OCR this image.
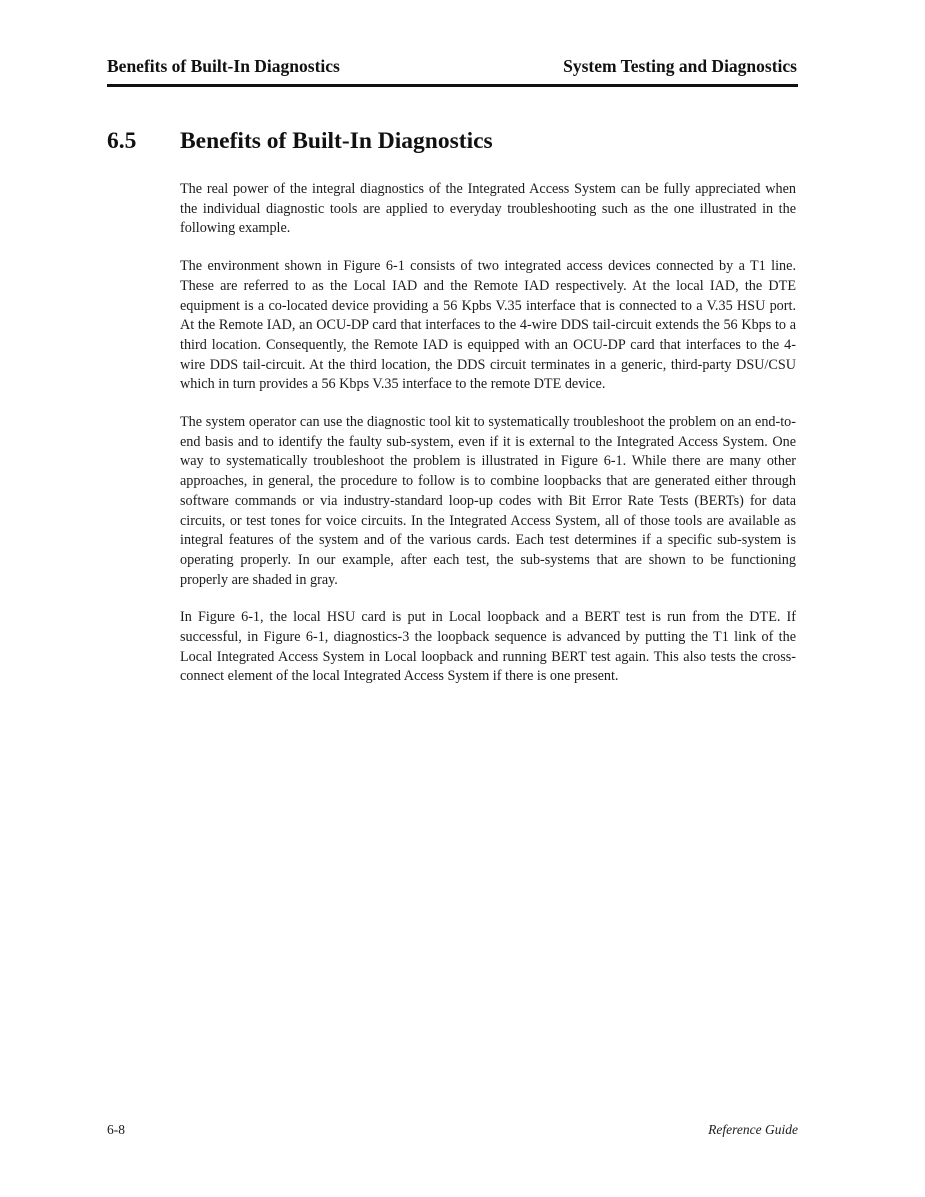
Benefits of Built-In Diagnostics	System Testing and Diagnostics
6.5	Benefits of Built-In Diagnostics

The real power of the integral diagnostics of the Integrated Access System can be fully appreciated when the individual diagnostic tools are applied to everyday troubleshooting such as the one illustrated in the following example.

The environment shown in Figure 6-1 consists of two integrated access devices connected by a T1 line. These are referred to as the Local IAD and the Remote IAD respectively. At the local IAD, the DTE equipment is a co-located device providing a 56 Kpbs V.35 interface that is connected to a V.35 HSU port. At the Remote IAD, an OCU-DP card that interfaces to the 4-wire DDS tail-circuit extends the 56 Kbps to a third location. Consequently, the Remote IAD is equipped with an OCU-DP card that interfaces to the 4-wire DDS tail-circuit. At the third location, the DDS circuit terminates in a generic, third-party DSU/CSU which in turn provides a 56 Kbps V.35 interface to the remote DTE device.

The system operator can use the diagnostic tool kit to systematically troubleshoot the problem on an end-to-end basis and to identify the faulty sub-system, even if it is external to the Integrated Access System. One way to systematically troubleshoot the problem is illustrated in Figure 6-1. While there are many other approaches, in general, the procedure to follow is to combine loopbacks that are generated either through software commands or via industry-standard loop-up codes with Bit Error Rate Tests (BERTs) for data circuits, or test tones for voice circuits. In the Integrated Access System, all of those tools are available as integral features of the system and of the various cards. Each test determines if a specific sub-system is operating properly. In our example, after each test, the sub-systems that are shown to be functioning properly are shaded in gray.

In Figure 6-1, the local HSU card is put in Local loopback and a BERT test is run from the DTE. If successful, in Figure 6-1, diagnostics-3 the loopback sequence is advanced by putting the T1 link of the Local Integrated Access System in Local loopback and running BERT test again. This also tests the cross-connect element of the local Integrated Access System if there is one present.

6-8	Reference Guide
